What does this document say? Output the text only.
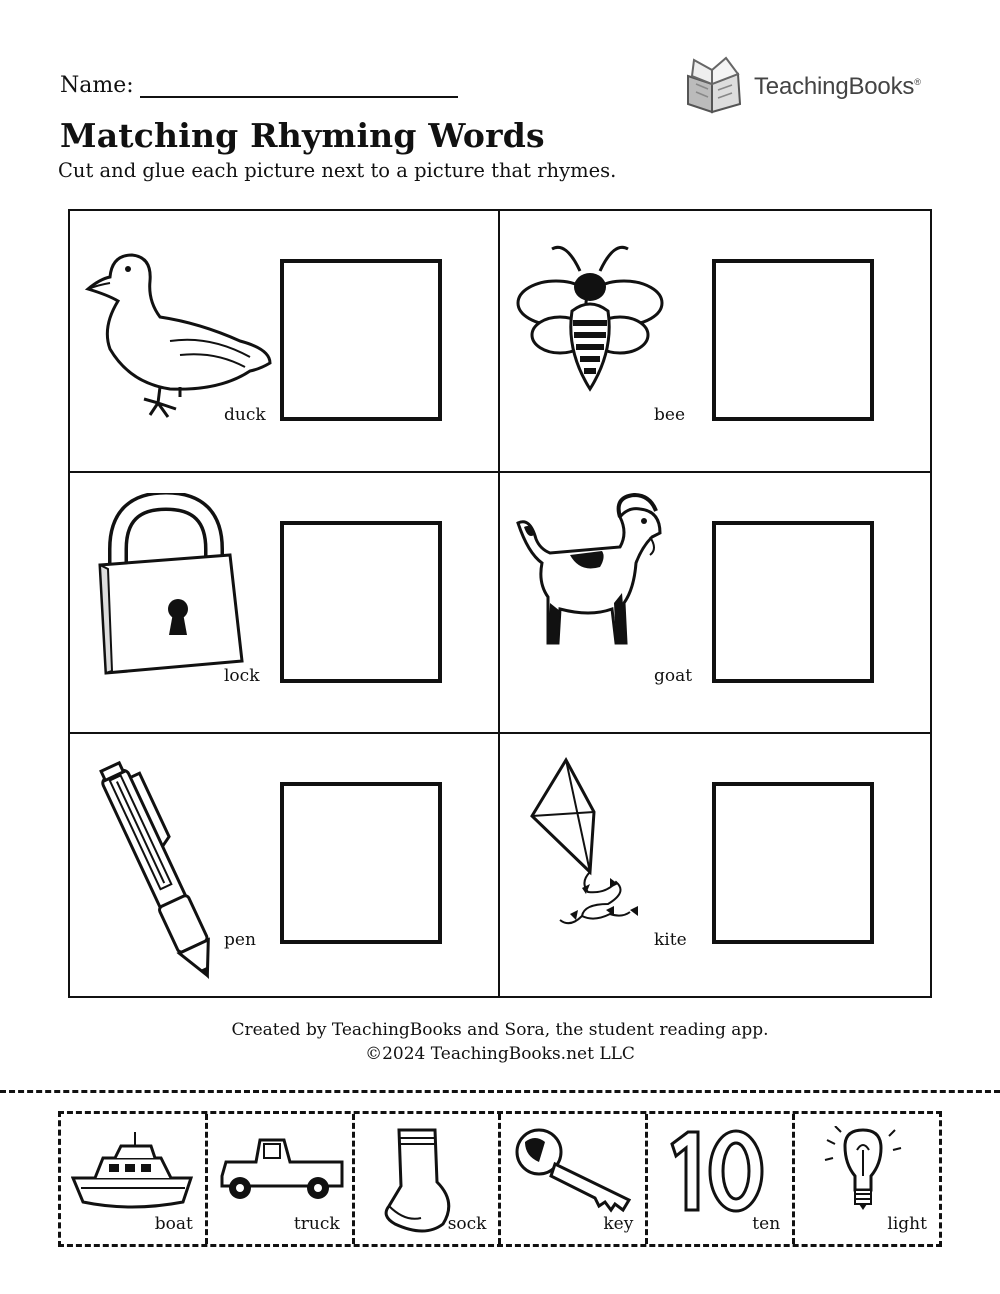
Name:	TeachingBooks®
Matching Rhyming Words
Cut and glue each picture next to a picture that rhymes.
duck	bee
lock	goat
pen	kite
Created by TeachingBooks and Sora, the student reading app.
©2024 TeachingBooks.net LLC
boat	truck	sock	key	ten	light
